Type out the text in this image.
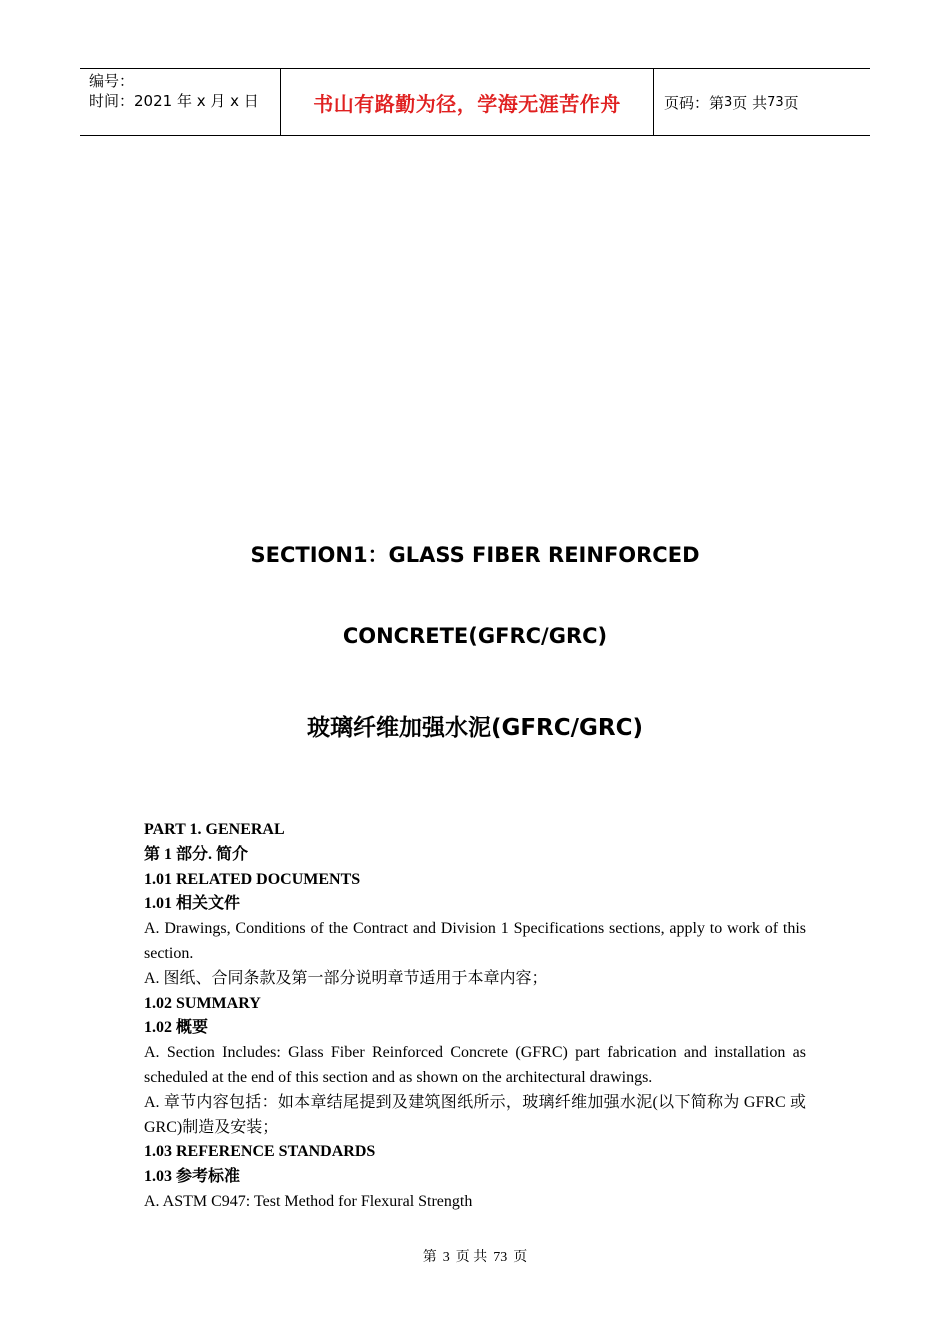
编号：
时间：2021 年 x 月 x 日	书山有路勤为径，学海无涯苦作舟	页码：第 3 页 共 73 页
SECTION1：GLASS FIBER REINFORCED
CONCRETE(GFRC/GRC)
玻璃纤维加强水泥(GFRC/GRC)

PART 1. GENERAL

第 1 部分. 简介

1.01 RELATED DOCUMENTS

1.01 相关文件

A. Drawings, Conditions of the Contract and Division 1 Specifications sections, apply to work of this section.

A. 图纸、合同条款及第一部分说明章节适用于本章内容；

1.02 SUMMARY

1.02 概要

A. Section Includes: Glass Fiber Reinforced Concrete (GFRC) part fabrication and installation as scheduled at the end of this section and as shown on the architectural drawings.

A. 章节内容包括：如本章结尾提到及建筑图纸所示，玻璃纤维加强水泥(以下简称为 GFRC 或 GRC)制造及安装；

1.03 REFERENCE STANDARDS

1.03 参考标准

A. ASTM C947: Test Method for Flexural Strength

第 3 页 共 73 页
